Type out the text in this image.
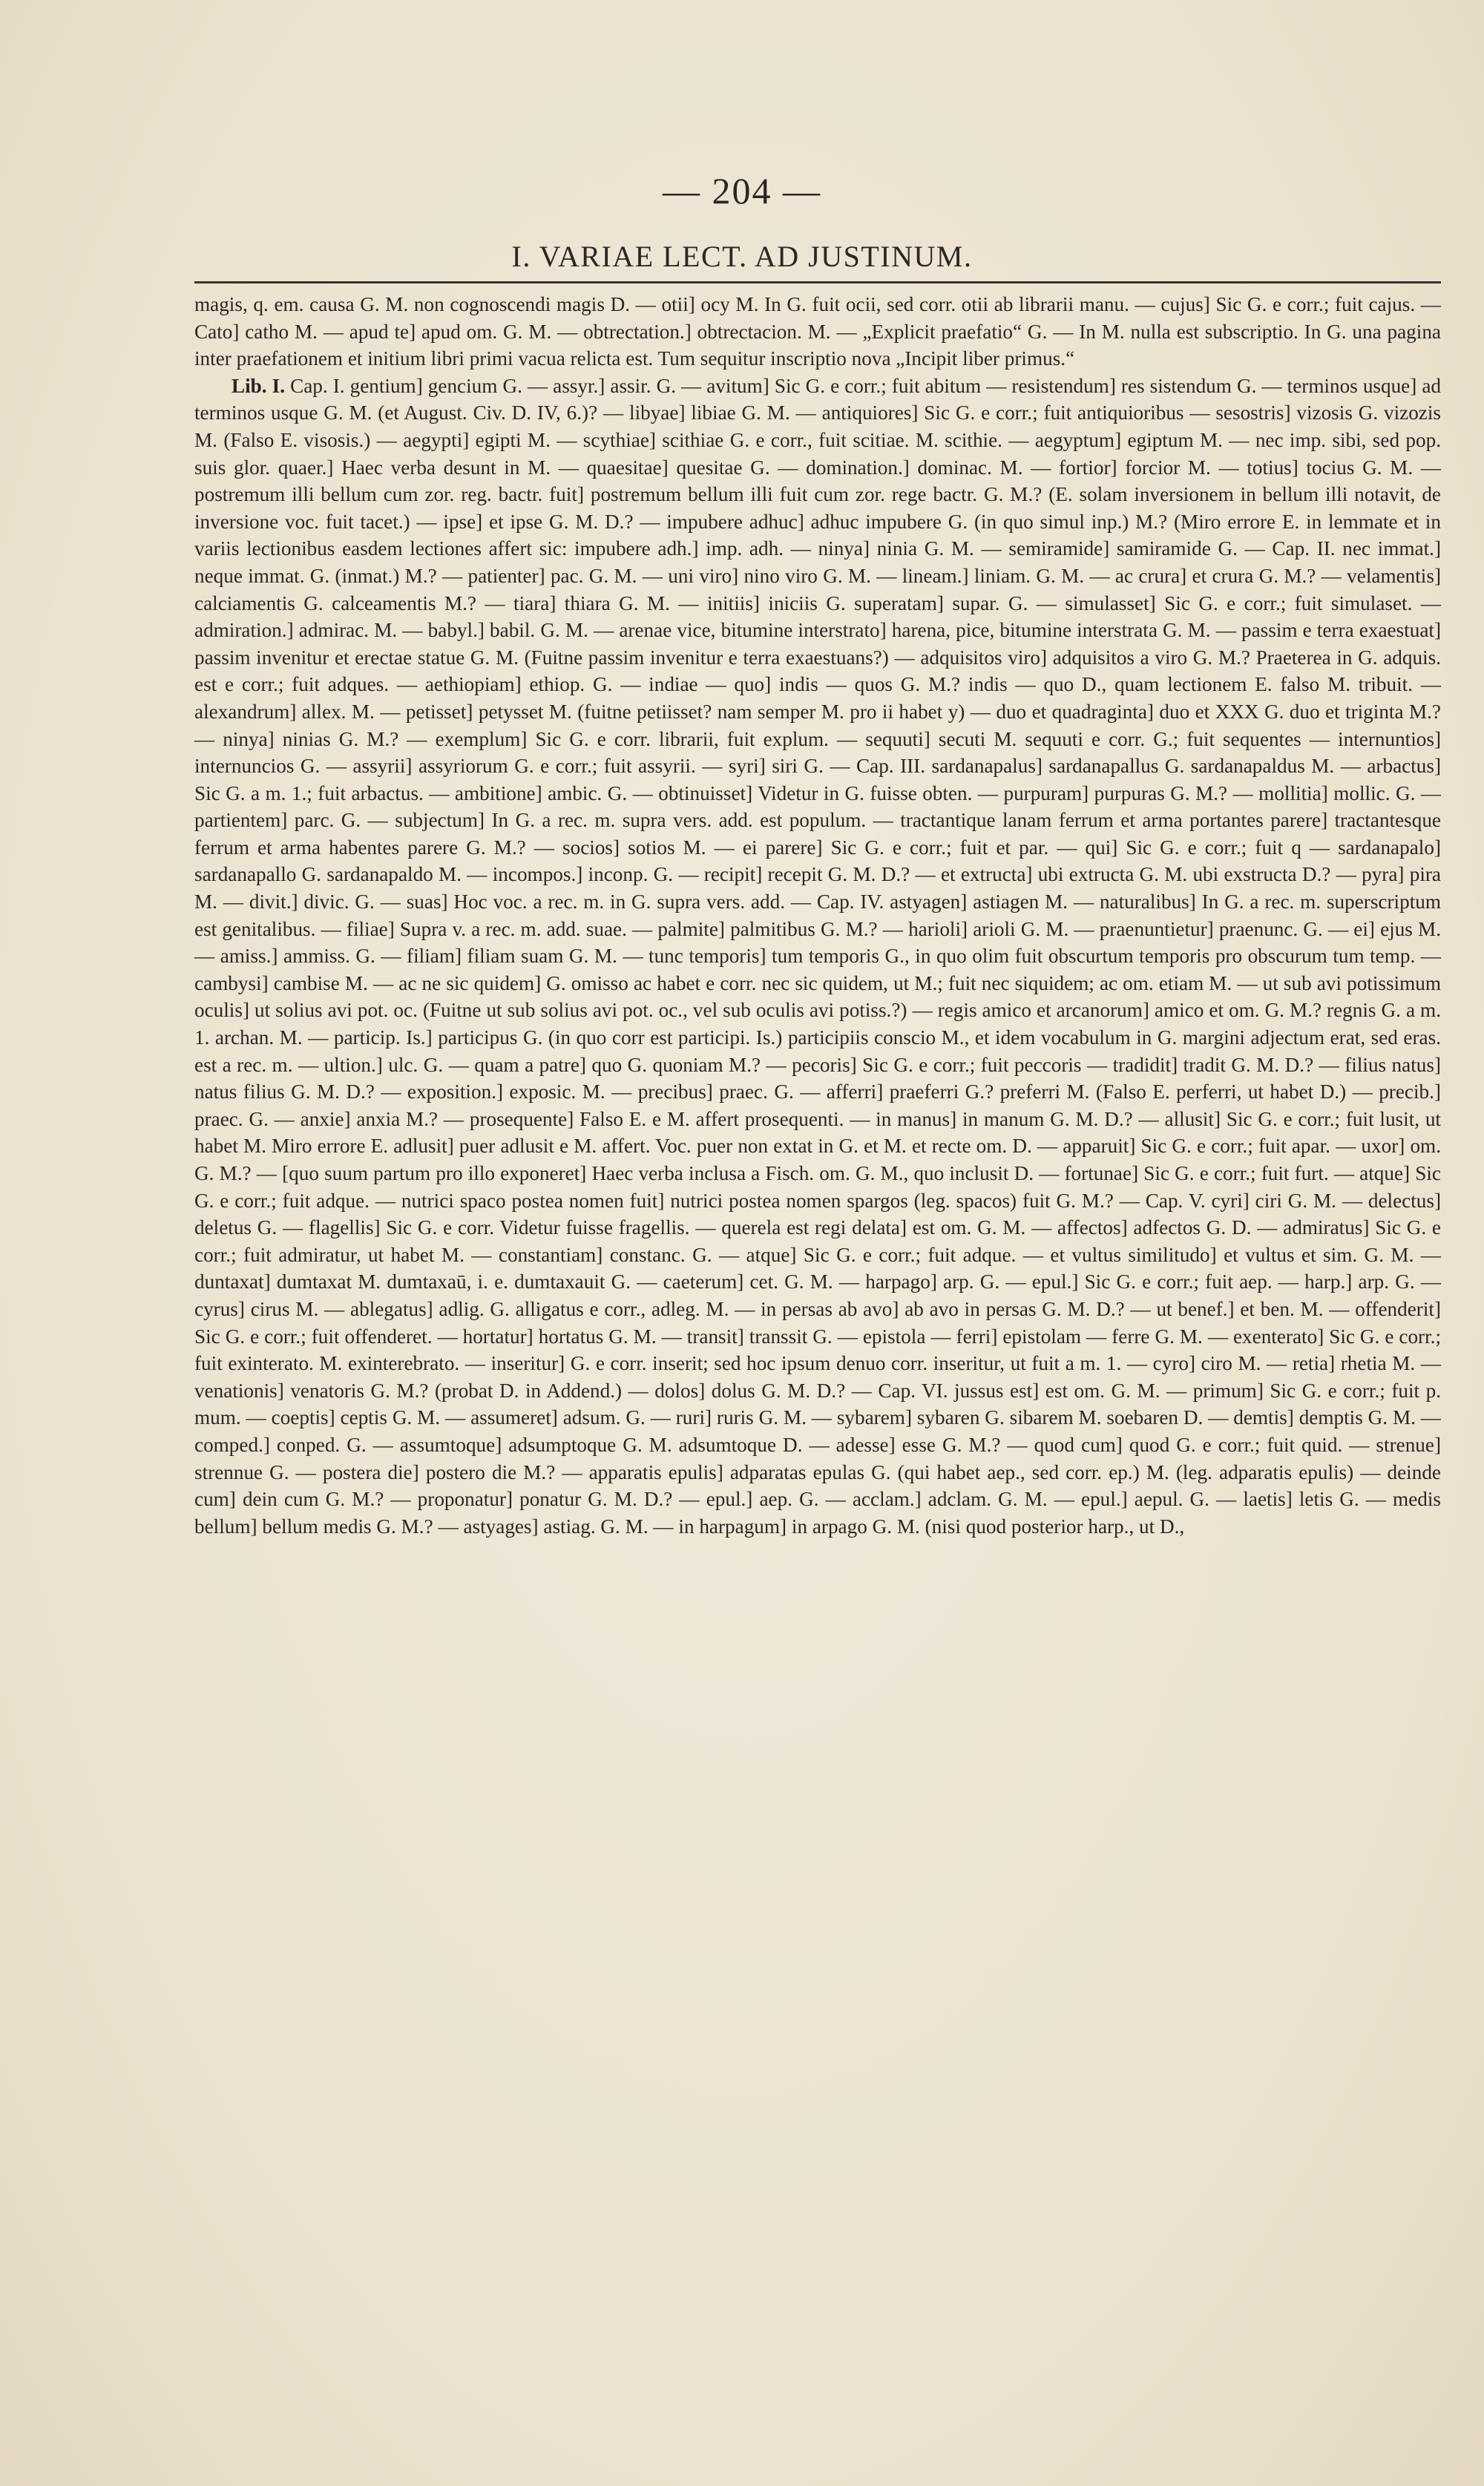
— 204 —
I. VARIAE LECT. AD JUSTINUM.

magis, q. em. causa G. M. non cognoscendi magis D. — otii] ocy M. In G. fuit ocii, sed corr. otii ab librarii manu. — cujus] Sic G. e corr.; fuit cajus. — Cato] catho M. — apud te] apud om. G. M. — obtrectation.] obtrectacion. M. — „Explicit praefatio“ G. — In M. nulla est subscriptio. In G. una pagina inter praefationem et initium libri primi vacua relicta est. Tum sequitur inscriptio nova „Incipit liber primus.“

Lib. I. Cap. I. gentium] gencium G. — assyr.] assir. G. — avitum] Sic G. e corr.; fuit abitum — resistendum] res sistendum G. — terminos usque] ad terminos usque G. M. (et August. Civ. D. IV, 6.)? — libyae] libiae G. M. — antiquiores] Sic G. e corr.; fuit antiquioribus — sesostris] vizosis G. vizozis M. (Falso E. visosis.) — aegypti] egipti M. — scythiae] scithiae G. e corr., fuit scitiae. M. scithie. — aegyptum] egiptum M. — nec imp. sibi, sed pop. suis glor. quaer.] Haec verba desunt in M. — quaesitae] quesitae G. — domination.] dominac. M. — fortior] forcior M. — totius] tocius G. M. — postremum illi bellum cum zor. reg. bactr. fuit] postremum bellum illi fuit cum zor. rege bactr. G. M.? (E. solam inversionem in bellum illi notavit, de inversione voc. fuit tacet.) — ipse] et ipse G. M. D.? — impubere adhuc] adhuc impubere G. (in quo simul inp.) M.? (Miro errore E. in lemmate et in variis lectionibus easdem lectiones affert sic: impubere adh.] imp. adh. — ninya] ninia G. M. — semiramide] samiramide G. — Cap. II. nec immat.] neque immat. G. (inmat.) M.? — patienter] pac. G. M. — uni viro] nino viro G. M. — lineam.] liniam. G. M. — ac crura] et crura G. M.? — velamentis] calciamentis G. calceamentis M.? — tiara] thiara G. M. — initiis] iniciis G. superatam] supar. G. — simulasset] Sic G. e corr.; fuit simulaset. — admiration.] admirac. M. — babyl.] babil. G. M. — arenae vice, bitumine interstrato] harena, pice, bitumine interstrata G. M. — passim e terra exaestuat] passim invenitur et erectae statue G. M. (Fuitne passim invenitur e terra exaestuans?) — adquisitos viro] adquisitos a viro G. M.? Praeterea in G. adquis. est e corr.; fuit adques. — aethiopiam] ethiop. G. — indiae — quo] indis — quos G. M.? indis — quo D., quam lectionem E. falso M. tribuit. — alexandrum] allex. M. — petisset] petysset M. (fuitne petiisset? nam semper M. pro ii habet y) — duo et quadraginta] duo et XXX G. duo et triginta M.? — ninya] ninias G. M.? — exemplum] Sic G. e corr. librarii, fuit explum. — sequuti] secuti M. sequuti e corr. G.; fuit sequentes — internuntios] internuncios G. — assyrii] assyriorum G. e corr.; fuit assyrii. — syri] siri G. — Cap. III. sardanapalus] sardanapallus G. sardanapaldus M. — arbactus] Sic G. a m. 1.; fuit arbactus. — ambitione] ambic. G. — obtinuisset] Videtur in G. fuisse obten. — purpuram] purpuras G. M.? — mollitia] mollic. G. — partientem] parc. G. — subjectum] In G. a rec. m. supra vers. add. est populum. — tractantique lanam ferrum et arma portantes parere] tractantesque ferrum et arma habentes parere G. M.? — socios] sotios M. — ei parere] Sic G. e corr.; fuit et par. — qui] Sic G. e corr.; fuit q — sardanapalo] sardanapallo G. sardanapaldo M. — incompos.] inconp. G. — recipit] recepit G. M. D.? — et extructa] ubi extructa G. M. ubi exstructa D.? — pyra] pira M. — divit.] divic. G. — suas] Hoc voc. a rec. m. in G. supra vers. add. — Cap. IV. astyagen] astiagen M. — naturalibus] In G. a rec. m. superscriptum est genitalibus. — filiae] Supra v. a rec. m. add. suae. — palmite] palmitibus G. M.? — harioli] arioli G. M. — praenuntietur] praenunc. G. — ei] ejus M. — amiss.] ammiss. G. — filiam] filiam suam G. M. — tunc temporis] tum temporis G., in quo olim fuit obscurtum temporis pro obscurum tum temp. — cambysi] cambise M. — ac ne sic quidem] G. omisso ac habet e corr. nec sic quidem, ut M.; fuit nec siquidem; ac om. etiam M. — ut sub avi potissimum oculis] ut solius avi pot. oc. (Fuitne ut sub solius avi pot. oc., vel sub oculis avi potiss.?) — regis amico et arcanorum] amico et om. G. M.? regnis G. a m. 1. archan. M. — particip. Is.] participus G. (in quo corr est participi. Is.) participiis conscio M., et idem vocabulum in G. margini adjectum erat, sed eras. est a rec. m. — ultion.] ulc. G. — quam a patre] quo G. quoniam M.? — pecoris] Sic G. e corr.; fuit peccoris — tradidit] tradit G. M. D.? — filius natus] natus filius G. M. D.? — exposition.] exposic. M. — precibus] praec. G. — afferri] praeferri G.? preferri M. (Falso E. perferri, ut habet D.) — precib.] praec. G. — anxie] anxia M.? — prosequente] Falso E. e M. affert prosequenti. — in manus] in manum G. M. D.? — allusit] Sic G. e corr.; fuit lusit, ut habet M. Miro errore E. adlusit] puer adlusit e M. affert. Voc. puer non extat in G. et M. et recte om. D. — apparuit] Sic G. e corr.; fuit apar. — uxor] om. G. M.? — [quo suum partum pro illo exponeret] Haec verba inclusa a Fisch. om. G. M., quo inclusit D. — fortunae] Sic G. e corr.; fuit furt. — atque] Sic G. e corr.; fuit adque. — nutrici spaco postea nomen fuit] nutrici postea nomen spargos (leg. spacos) fuit G. M.? — Cap. V. cyri] ciri G. M. — delectus] deletus G. — flagellis] Sic G. e corr. Videtur fuisse fragellis. — querela est regi delata] est om. G. M. — affectos] adfectos G. D. — admiratus] Sic G. e corr.; fuit admiratur, ut habet M. — constantiam] constanc. G. — atque] Sic G. e corr.; fuit adque. — et vultus similitudo] et vultus et sim. G. M. — duntaxat] dumtaxat M. dumtaxaū, i. e. dumtaxauit G. — caeterum] cet. G. M. — harpago] arp. G. — epul.] Sic G. e corr.; fuit aep. — harp.] arp. G. — cyrus] cirus M. — ablegatus] adlig. G. alligatus e corr., adleg. M. — in persas ab avo] ab avo in persas G. M. D.? — ut benef.] et ben. M. — offenderit] Sic G. e corr.; fuit offenderet. — hortatur] hortatus G. M. — transit] transsit G. — epistola — ferri] epistolam — ferre G. M. — exenterato] Sic G. e corr.; fuit exinterato. M. exinterebrato. — inseritur] G. e corr. inserit; sed hoc ipsum denuo corr. inseritur, ut fuit a m. 1. — cyro] ciro M. — retia] rhetia M. — venationis] venatoris G. M.? (probat D. in Addend.) — dolos] dolus G. M. D.? — Cap. VI. jussus est] est om. G. M. — primum] Sic G. e corr.; fuit p. mum. — coeptis] ceptis G. M. — assumeret] adsum. G. — ruri] ruris G. M. — sybarem] sybaren G. sibarem M. soebaren D. — demtis] demptis G. M. — comped.] conped. G. — assumtoque] adsumptoque G. M. adsumtoque D. — adesse] esse G. M.? — quod cum] quod G. e corr.; fuit quid. — strenue] strennue G. — postera die] postero die M.? — apparatis epulis] adparatas epulas G. (qui habet aep., sed corr. ep.) M. (leg. adparatis epulis) — deinde cum] dein cum G. M.? — proponatur] ponatur G. M. D.? — epul.] aep. G. — acclam.] adclam. G. M. — epul.] aepul. G. — laetis] letis G. — medis bellum] bellum medis G. M.? — astyages] astiag. G. M. — in harpagum] in arpago G. M. (nisi quod posterior harp., ut D.,
